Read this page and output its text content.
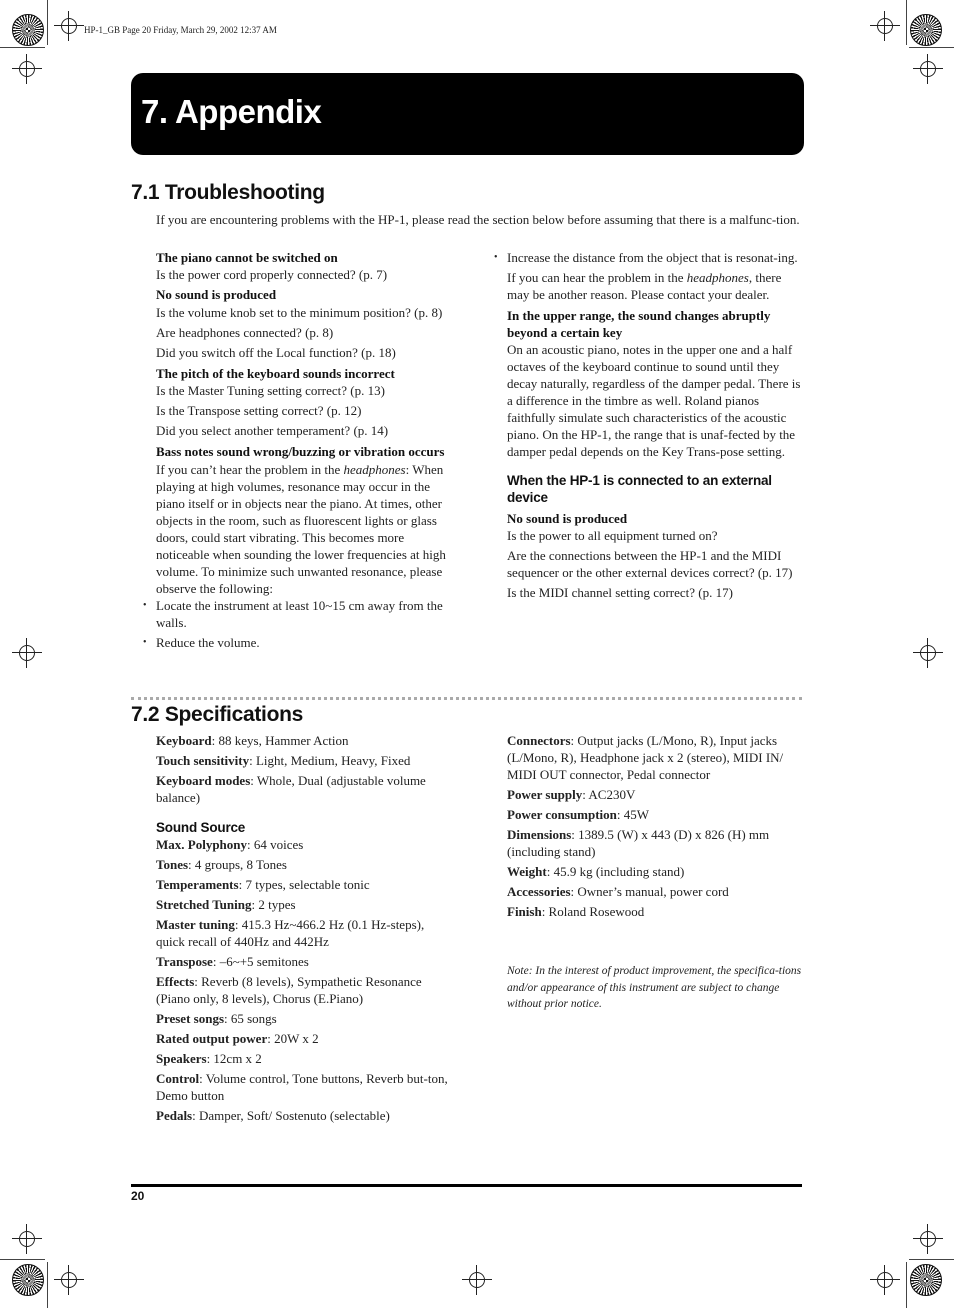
HP-1_GB Page 20 Friday, March 29, 2002 12:37 AM
7. Appendix
7.1 Troubleshooting
If you are encountering problems with the HP-1, please read the section below before assuming that there is a malfunc-tion.

The piano cannot be switched on

Is the power cord properly connected? (p. 7)

No sound is produced

Is the volume knob set to the minimum position? (p. 8)

Are headphones connected? (p. 8)

Did you switch off the Local function? (p. 18)

The pitch of the keyboard sounds incorrect

Is the Master Tuning setting correct? (p. 13)

Is the Transpose setting correct? (p. 12)

Did you select another temperament? (p. 14)

Bass notes sound wrong/buzzing or vibration occurs

If you can’t hear the problem in the headphones: When playing at high volumes, resonance may occur in the piano itself or in objects near the piano. At times, other objects in the room, such as fluorescent lights or glass doors, could start vibrating. This becomes more noticeable when sounding the lower frequencies at high volume. To minimize such unwanted resonance, please observe the following:

• Locate the instrument at least 10~15 cm away from the walls.

• Reduce the volume.

• Increase the distance from the object that is resonat-ing.

If you can hear the problem in the headphones, there may be another reason. Please contact your dealer.

In the upper range, the sound changes abruptly beyond a certain key

On an acoustic piano, notes in the upper one and a half octaves of the keyboard continue to sound until they decay naturally, regardless of the damper pedal. There is a difference in the timbre as well. Roland pianos faithfully simulate such characteristics of the acoustic piano. On the HP-1, the range that is unaf-fected by the damper pedal depends on the Key Trans-pose setting.

When the HP-1 is connected to an external device

No sound is produced

Is the power to all equipment turned on?

Are the connections between the HP-1 and the MIDI sequencer or the other external devices correct? (p. 17)

Is the MIDI channel setting correct? (p. 17)

7.2 Specifications

Keyboard: 88 keys, Hammer Action

Touch sensitivity: Light, Medium, Heavy, Fixed

Keyboard modes: Whole, Dual (adjustable volume balance)

Sound Source

Max. Polyphony: 64 voices

Tones: 4 groups, 8 Tones

Temperaments: 7 types, selectable tonic

Stretched Tuning: 2 types

Master tuning: 415.3 Hz~466.2 Hz (0.1 Hz-steps), quick recall of 440Hz and 442Hz

Transpose: –6~+5 semitones

Effects: Reverb (8 levels), Sympathetic Resonance (Piano only, 8 levels), Chorus (E.Piano)

Preset songs: 65 songs

Rated output power: 20W x 2

Speakers: 12cm x 2

Control: Volume control, Tone buttons, Reverb but-ton, Demo button

Pedals: Damper, Soft/ Sostenuto (selectable)

Connectors: Output jacks (L/Mono, R), Input jacks (L/Mono, R), Headphone jack x 2 (stereo), MIDI IN/ MIDI OUT connector, Pedal connector

Power supply: AC230V

Power consumption: 45W

Dimensions: 1389.5 (W) x 443 (D) x 826 (H) mm (including stand)

Weight: 45.9 kg (including stand)

Accessories: Owner’s manual, power cord

Finish: Roland Rosewood

Note: In the interest of product improvement, the specifica-tions and/or appearance of this instrument are subject to change without prior notice.
20
